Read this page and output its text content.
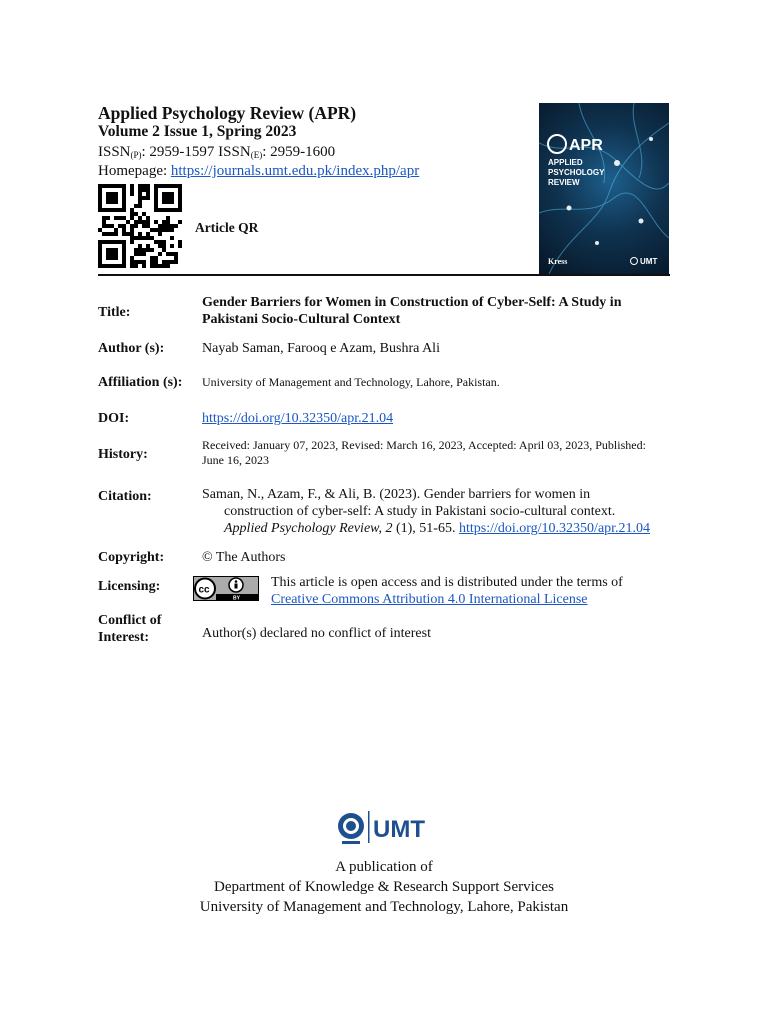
Applied Psychology Review (APR)
Volume 2 Issue 1, Spring 2023
$ISSN_{(P)}$: 2959-1597 $ISSN_{(E)}$: 2959-1600
Homepage: https://journals.umt.edu.pk/index.php/apr
Article QR
APR
APPLIED
PSYCHOLOGY
REVIEW
Kress	UMT
Title:
Gender Barriers for Women in Construction of Cyber-Self: A Study in Pakistani Socio-Cultural Context
Author (s):	Nayab Saman, Farooq e Azam, Bushra Ali
Affiliation (s): University of Management and Technology, Lahore, Pakistan.
DOI:	https://doi.org/10.32350/apr.21.04
History:
Received: January 07, 2023, Revised: March 16, 2023, Accepted: April 03, 2023, Published: June 16, 2023
Citation:	Saman, N., Azam, F., & Ali, B. (2023). Gender barriers for women in
construction of cyber-self: A study in Pakistani socio-cultural context.
Applied Psychology Review, 2 (1), 51-65. https://doi.org/10.32350/apr.21.04
Copyright:	© The Authors
Licensing:	cc
BY
This article is open access and is distributed under the terms of
Creative Commons Attribution 4.0 International License
Conflict of
Interest:	Author(s) declared no conflict of interest
UMT
A publication of
Department of Knowledge & Research Support Services
University of Management and Technology, Lahore, Pakistan
